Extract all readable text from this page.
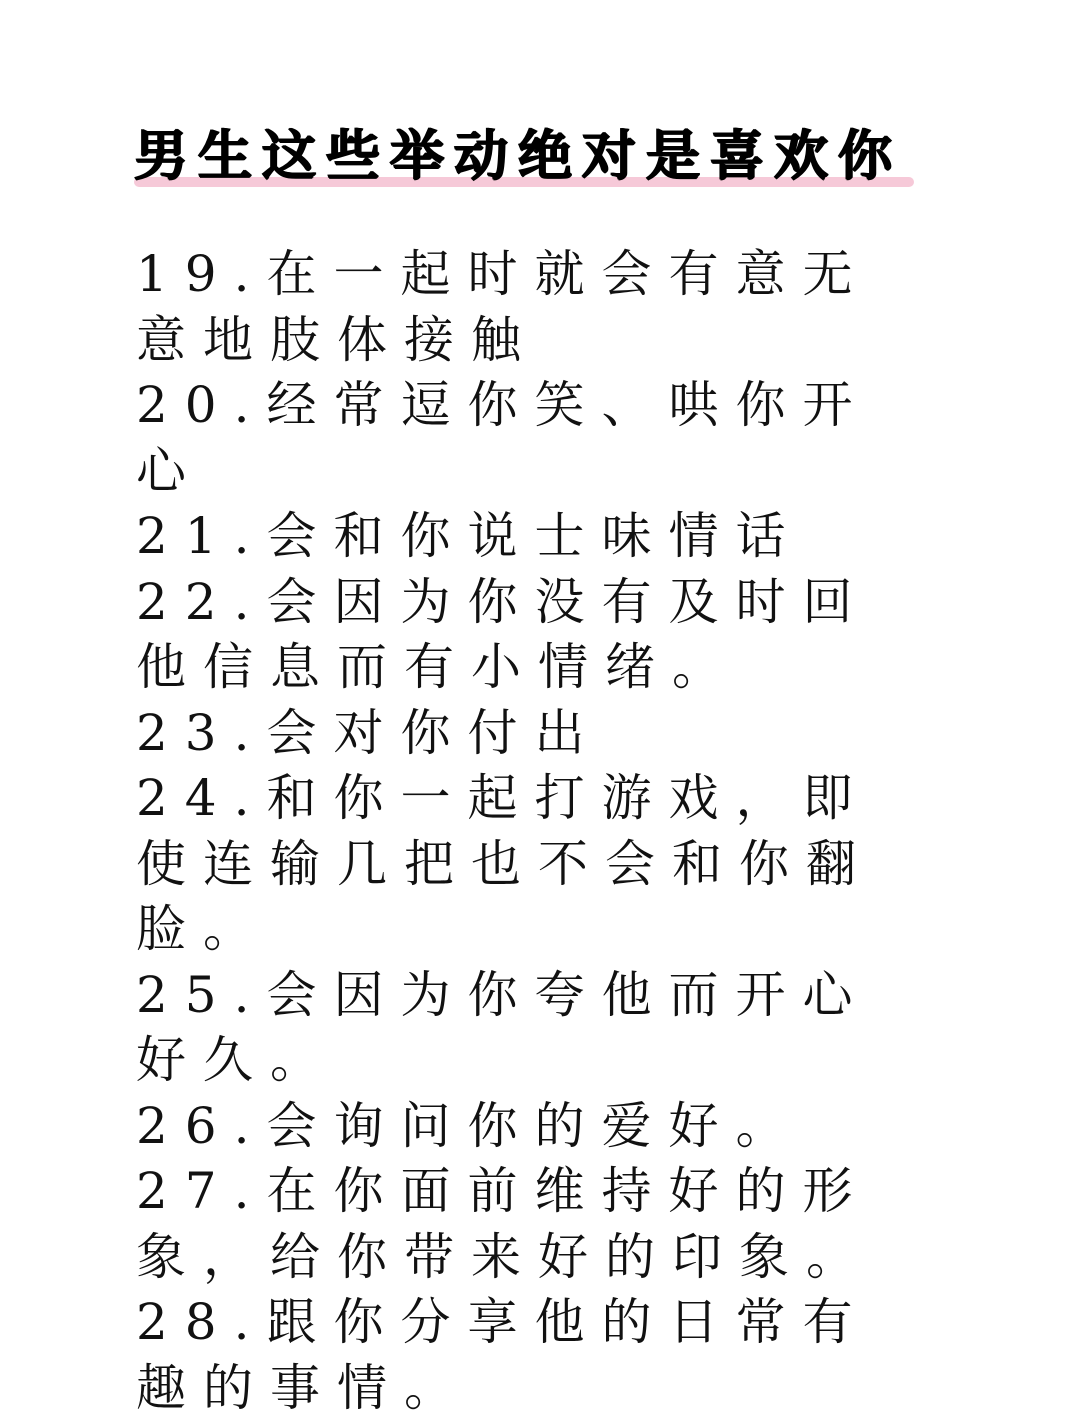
男生这些举动绝对是喜欢你
19.在一起时就会有意无意地肢体接触
20.经常逗你笑、哄你开心
21.会和你说士味情话
22.会因为你没有及时回他信息而有小情绪。
23.会对你付出
24.和你一起打游戏，即使连输几把也不会和你翻脸。
25.会因为你夸他而开心好久。
26.会询问你的爱好。
27.在你面前维持好的形象，给你带来好的印象。
28.跟你分享他的日常有趣的事情。
